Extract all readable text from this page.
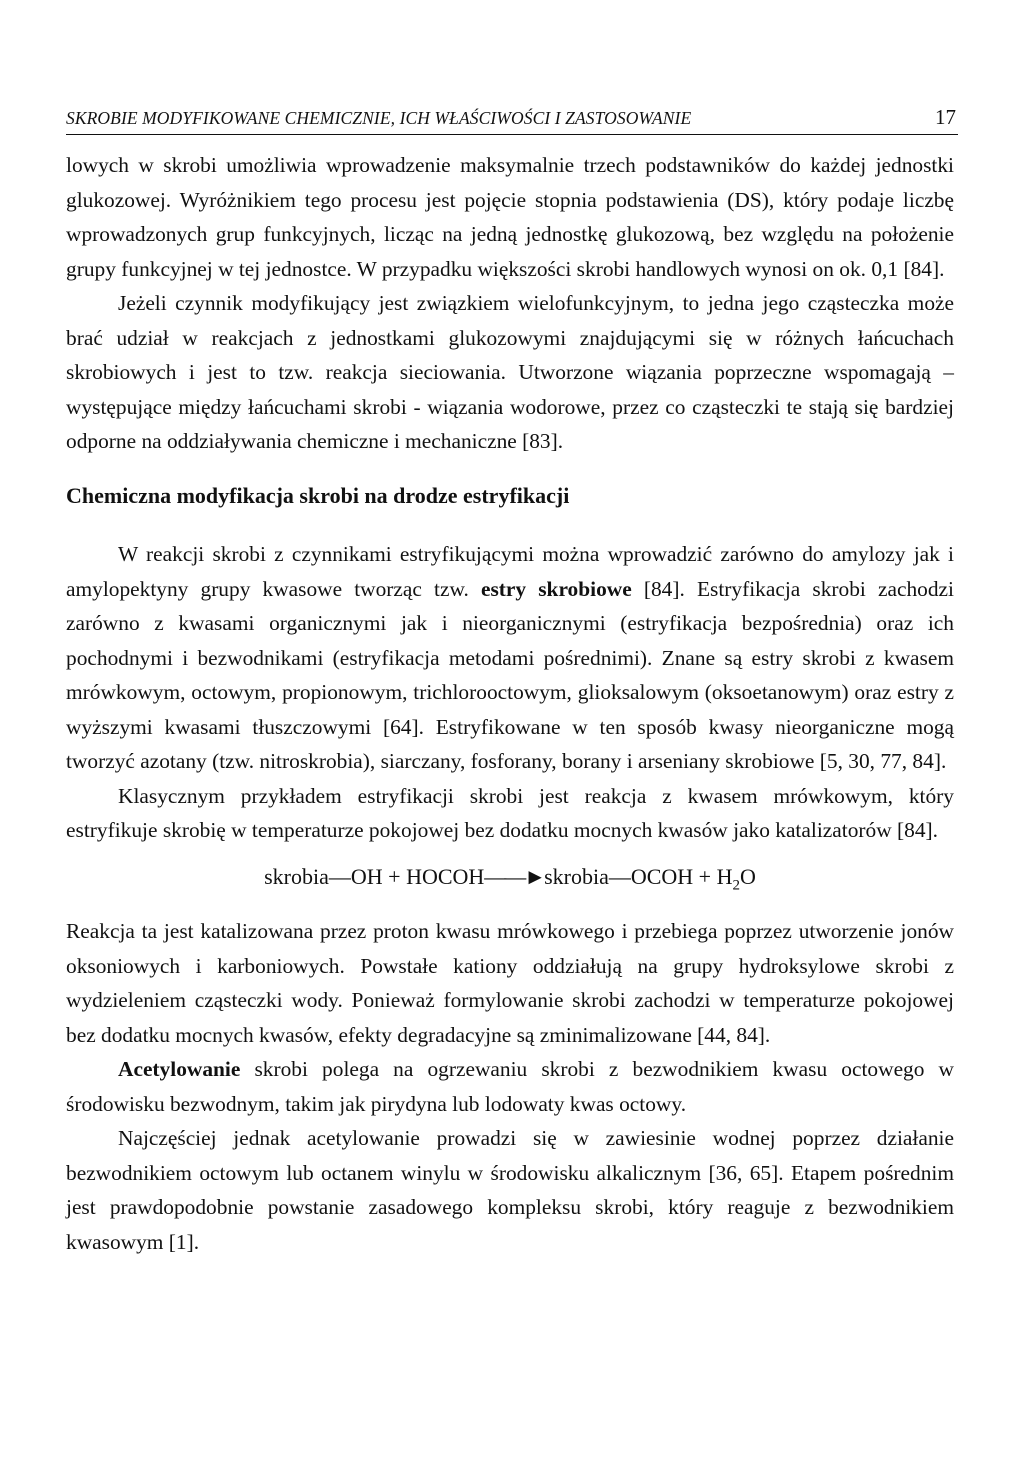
SKROBIE MODYFIKOWANE CHEMICZNIE, ICH WŁAŚCIWOŚCI I ZASTOSOWANIE	17

lowych w skrobi umożliwia wprowadzenie maksymalnie trzech podstawników do każdej jednostki glukozowej. Wyróżnikiem tego procesu jest pojęcie stopnia podstawienia (DS), który podaje liczbę wprowadzonych grup funkcyjnych, licząc na jedną jednostkę glukozową, bez względu na położenie grupy funkcyjnej w tej jednostce. W przypadku większości skrobi handlowych wynosi on ok. 0,1 [84].

Jeżeli czynnik modyfikujący jest związkiem wielofunkcyjnym, to jedna jego cząsteczka może brać udział w reakcjach z jednostkami glukozowymi znajdującymi się w różnych łańcuchach skrobiowych i jest to tzw. reakcja sieciowania. Utworzone wiązania poprzeczne wspomagają – występujące między łańcuchami skrobi - wiązania wodorowe, przez co cząsteczki te stają się bardziej odporne na oddziaływania chemiczne i mechaniczne [83].

Chemiczna modyfikacja skrobi na drodze estryfikacji

W reakcji skrobi z czynnikami estryfikującymi można wprowadzić zarówno do amylozy jak i amylopektyny grupy kwasowe tworząc tzw. estry skrobiowe [84]. Estryfikacja skrobi zachodzi zarówno z kwasami organicznymi jak i nieorganicznymi (estryfikacja bezpośrednia) oraz ich pochodnymi i bezwodnikami (estryfikacja metodami pośrednimi). Znane są estry skrobi z kwasem mrówkowym, octowym, propionowym, trichlorooctowym, glioksalowym (oksoetanowym) oraz estry z wyższymi kwasami tłuszczowymi [64]. Estryfikowane w ten sposób kwasy nieorganiczne mogą tworzyć azotany (tzw. nitroskrobia), siarczany, fosforany, borany i arseniany skrobiowe [5, 30, 77, 84].

Klasycznym przykładem estryfikacji skrobi jest reakcja z kwasem mrówkowym, który estryfikuje skrobię w temperaturze pokojowej bez dodatku mocnych kwasów jako katalizatorów [84].

skrobia—OH + HOCOH——►skrobia—OCOH + $H_2O$

Reakcja ta jest katalizowana przez proton kwasu mrówkowego i przebiega poprzez utworzenie jonów oksoniowych i karboniowych. Powstałe kationy oddziałują na grupy hydroksylowe skrobi z wydzieleniem cząsteczki wody. Ponieważ formylowanie skrobi zachodzi w temperaturze pokojowej bez dodatku mocnych kwasów, efekty degradacyjne są zminimalizowane [44, 84].

Acetylowanie skrobi polega na ogrzewaniu skrobi z bezwodnikiem kwasu octowego w środowisku bezwodnym, takim jak pirydyna lub lodowaty kwas octowy.

Najczęściej jednak acetylowanie prowadzi się w zawiesinie wodnej poprzez działanie bezwodnikiem octowym lub octanem winylu w środowisku alkalicznym [36, 65]. Etapem pośrednim jest prawdopodobnie powstanie zasadowego kompleksu skrobi, który reaguje z bezwodnikiem kwasowym [1].
